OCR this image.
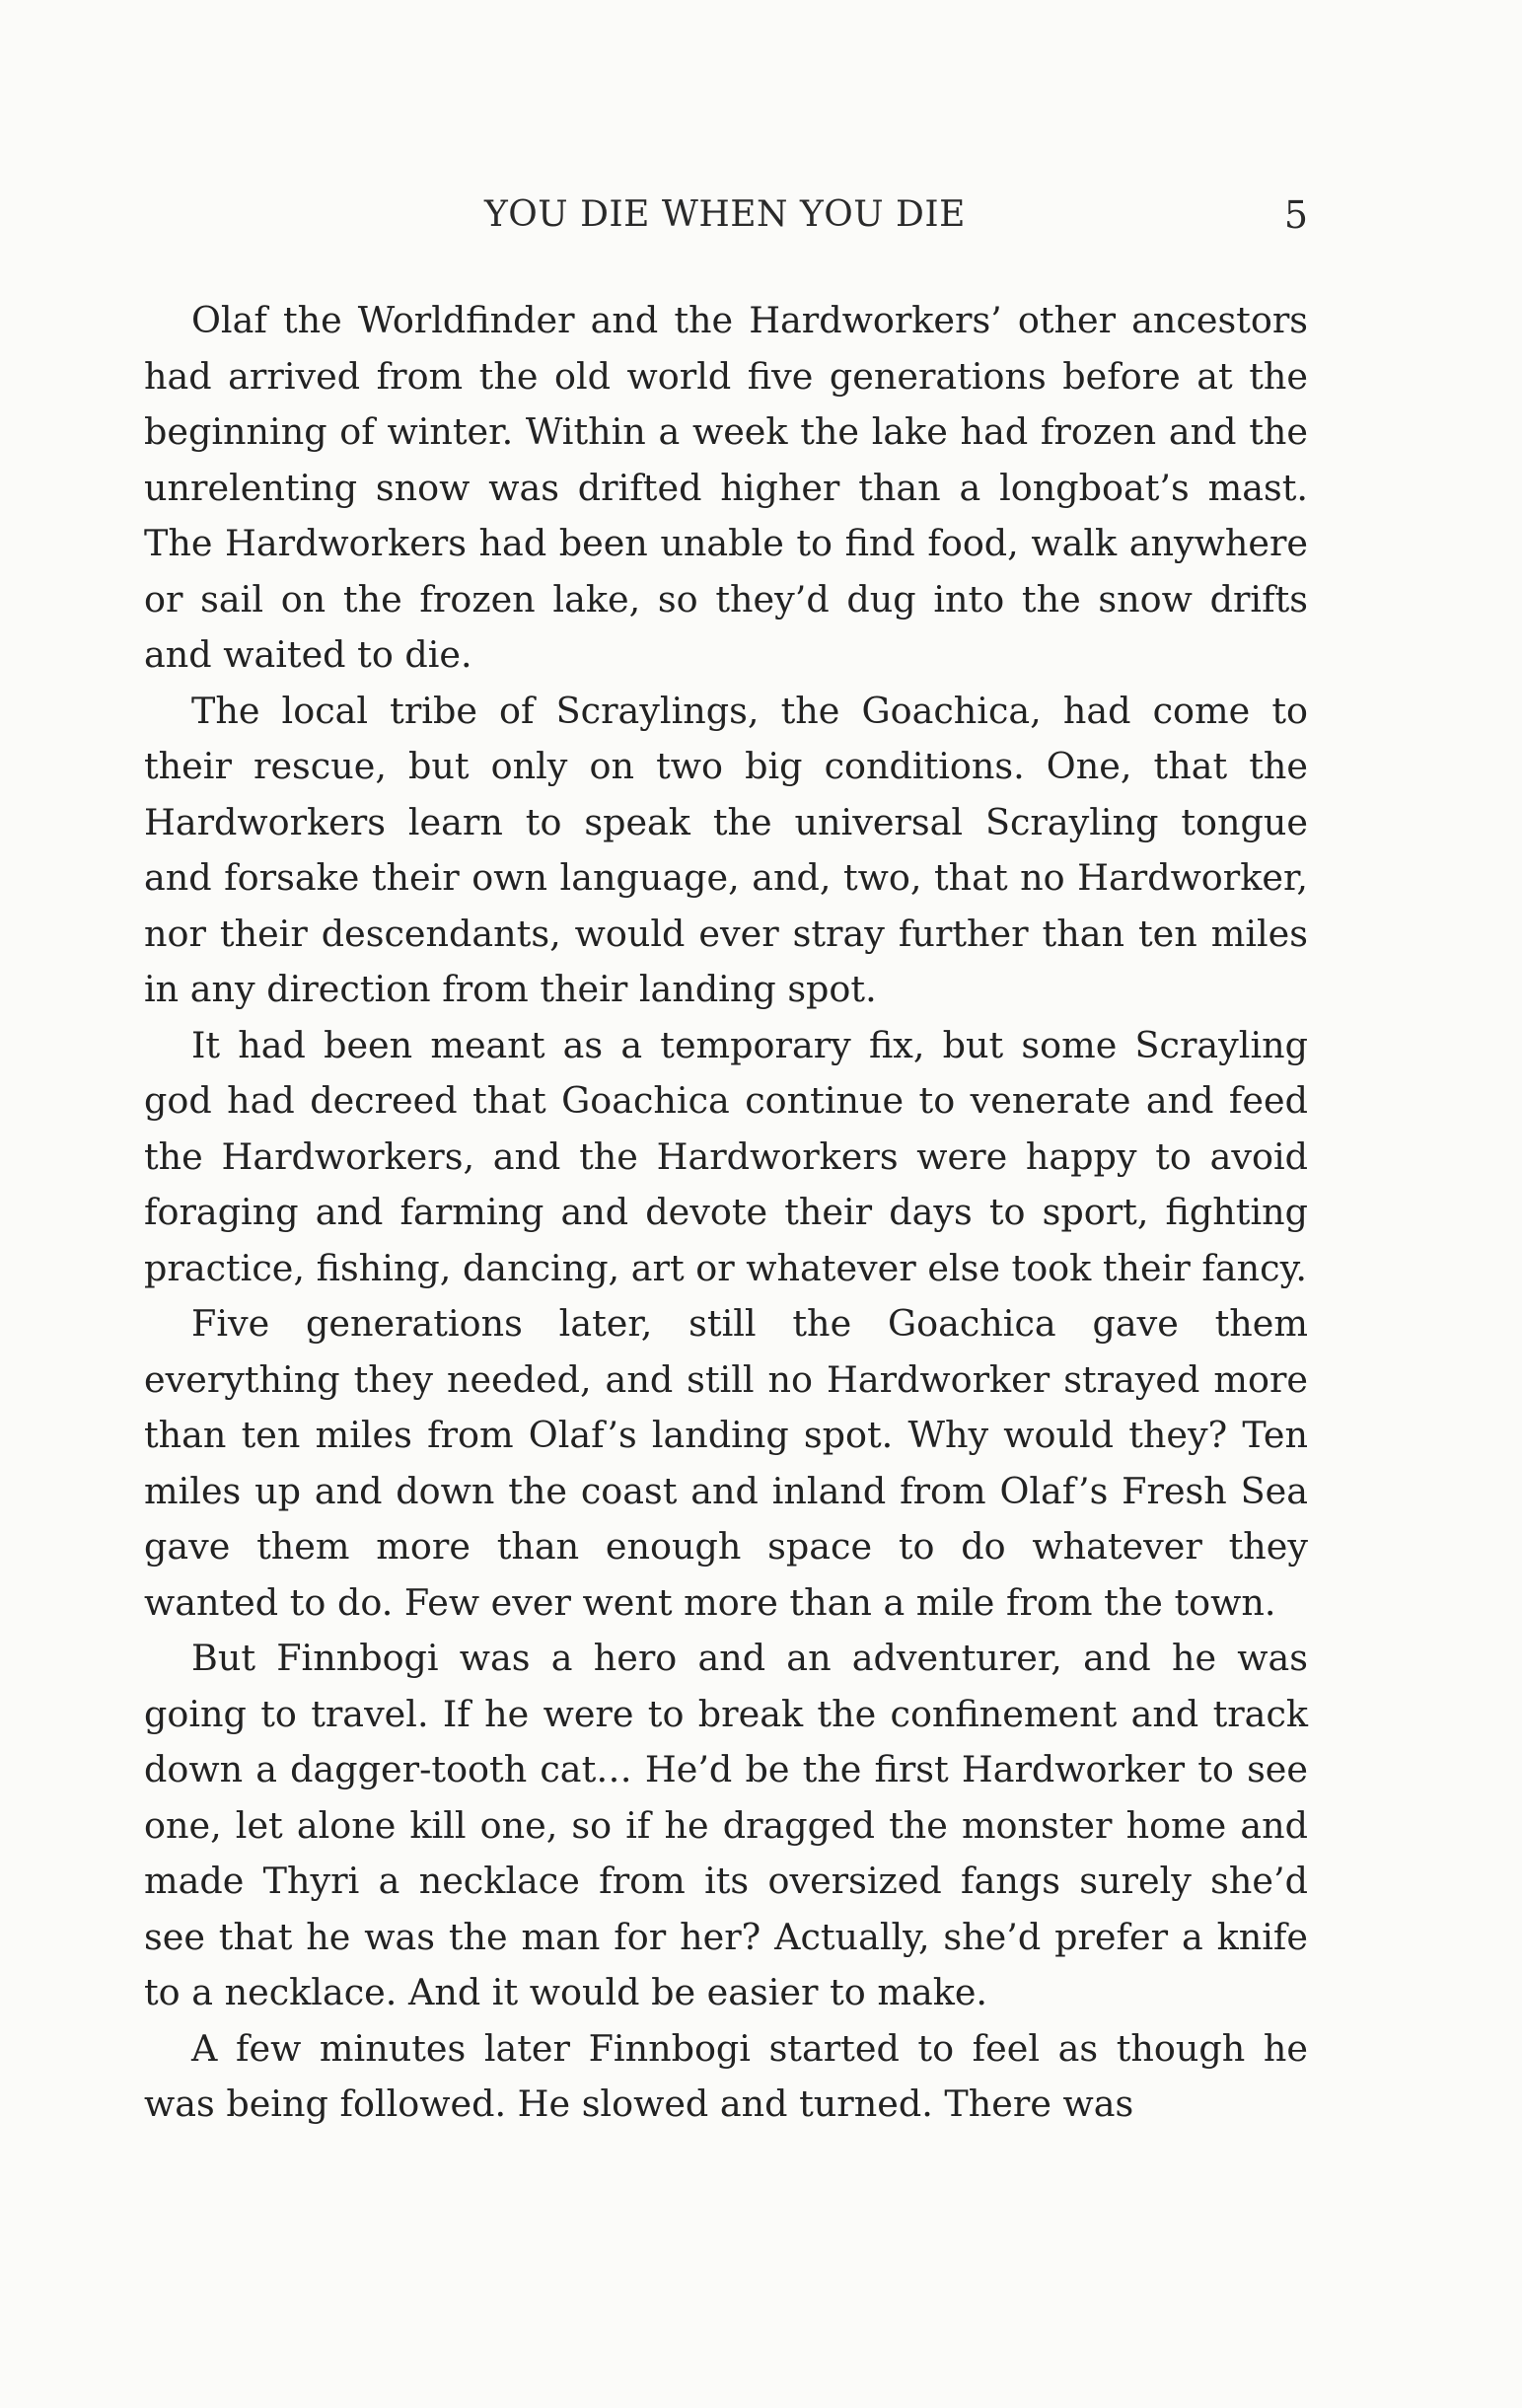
YOU DIE WHEN YOU DIE	5

Olaf the Worldfinder and the Hardworkers’ other ancestors had arrived from the old world five generations before at the beginning of winter. Within a week the lake had frozen and the unrelenting snow was drifted higher than a longboat’s mast. The Hardworkers had been unable to find food, walk anywhere or sail on the frozen lake, so they’d dug into the snow drifts and waited to die.

The local tribe of Scraylings, the Goachica, had come to their rescue, but only on two big conditions. One, that the Hardworkers learn to speak the universal Scrayling tongue and forsake their own language, and, two, that no Hardworker, nor their descendants, would ever stray further than ten miles in any direction from their landing spot.

It had been meant as a temporary fix, but some Scrayling god had decreed that Goachica continue to venerate and feed the Hardworkers, and the Hardworkers were happy to avoid foraging and farming and devote their days to sport, fighting practice, fishing, dancing, art or whatever else took their fancy.

Five generations later, still the Goachica gave them everything they needed, and still no Hardworker strayed more than ten miles from Olaf’s landing spot. Why would they? Ten miles up and down the coast and inland from Olaf’s Fresh Sea gave them more than enough space to do whatever they wanted to do. Few ever went more than a mile from the town.

But Finnbogi was a hero and an adventurer, and he was going to travel. If he were to break the confinement and track down a dagger-tooth cat… He’d be the first Hardworker to see one, let alone kill one, so if he dragged the monster home and made Thyri a necklace from its oversized fangs surely she’d see that he was the man for her? Actually, she’d prefer a knife to a necklace. And it would be easier to make.

A few minutes later Finnbogi started to feel as though he was being followed. He slowed and turned. There was
